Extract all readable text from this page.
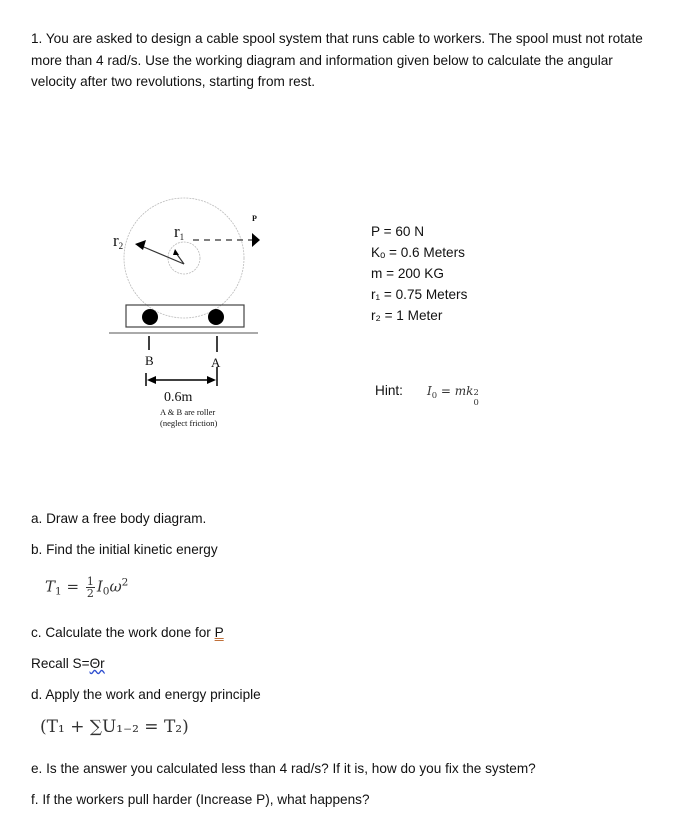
1. You are asked to design a cable spool system that runs cable to workers. The spool must not rotate more than 4 rad/s. Use the working diagram and information given below to calculate the angular velocity after two revolutions, starting from rest.
P
$r_1$
$r_2$
B	A
0.6m
A & B are roller
(neglect friction)
P = 60 N
Kₒ = 0.6 Meters
m = 200 KG
r₁ = 0.75 Meters
r₂ = 1 Meter
Hint: $I_0$ = mk 2
0
a. Draw a free body diagram.
b. Find the initial kinetic energy
$T_1 = \frac{1}{2} I_0\omega^2$
c. Calculate the work done for P
Recall S=Θr
d. Apply the work and energy principle
(T₁ + ∑U₁₋₂ = T₂)
e. Is the answer you calculated less than 4 rad/s? If it is, how do you fix the system?
f. If the workers pull harder (Increase P), what happens?
